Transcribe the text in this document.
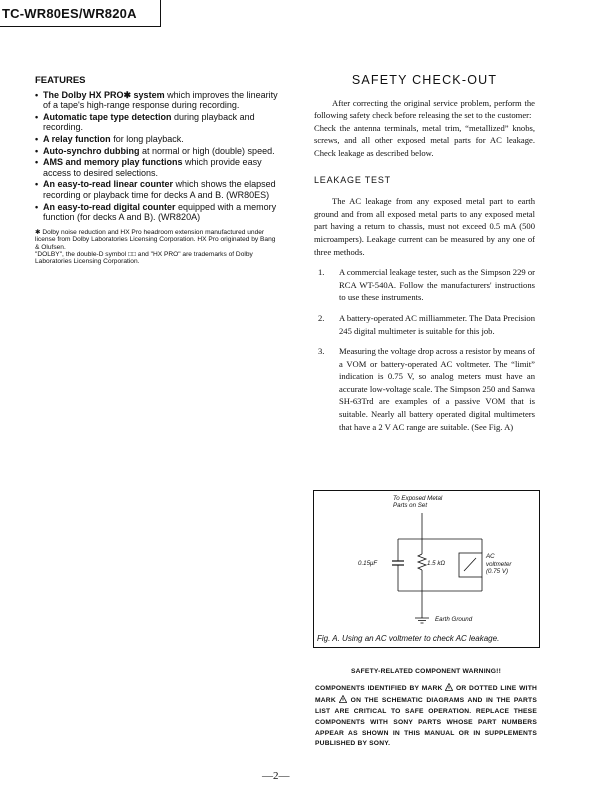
TC-WR80ES/WR820A
FEATURES
• The Dolby HX PRO✱ system which improves the linearity of a tape's high-range response during recording.
• Automatic tape type detection during playback and recording.
• A relay function for long playback.
• Auto-synchro dubbing at normal or high (double) speed.
• AMS and memory play functions which provide easy access to desired selections.
• An easy-to-read linear counter which shows the elapsed recording or playback time for decks A and B. (WR80ES)
• An easy-to-read digital counter equipped with a memory function (for decks A and B). (WR820A)
✱ Dolby noise reduction and HX Pro headroom extension manufactured under license from Dolby Laboratories Licensing Corporation. HX Pro originated by Bang & Olufsen.
"DOLBY", the double-D symbol □□ and "HX PRO" are trademarks of Dolby Laboratories Licensing Corporation.
SAFETY CHECK-OUT

After correcting the original service problem, perform the following safety check before releasing the set to the customer:

Check the antenna terminals, metal trim, “metallized” knobs, screws, and all other exposed metal parts for AC leakage. Check leakage as described below.

LEAKAGE TEST

The AC leakage from any exposed metal part to earth ground and from all exposed metal parts to any exposed metal part having a return to chassis, must not exceed 0.5 mA (500 microampers). Leakage current can be measured by any one of three methods.

1. A commercial leakage tester, such as the Simpson 229 or RCA WT-540A. Follow the manufacturers' instructions to use these instruments.
2. A battery-operated AC milliammeter. The Data Precision 245 digital multimeter is suitable for this job.
3. Measuring the voltage drop across a resistor by means of a VOM or battery-operated AC voltmeter. The “limit” indication is 0.75 V, so analog meters must have an accurate low-voltage scale. The Simpson 250 and Sanwa SH-63Trd are examples of a passive VOM that is suitable. Nearly all battery operated digital multimeters that have a 2 V AC range are suitable. (See Fig. A)
To Exposed Metal
Parts on Set
0.15μF	1.5 kΩ
AC
voltmeter
(0.75 V)
Earth Ground
Fig. A. Using an AC voltmeter to check AC leakage.
SAFETY-RELATED COMPONENT WARNING!!
COMPONENTS IDENTIFIED BY MARK OR DOTTED LINE WITH MARK ON THE SCHEMATIC DIAGRAMS AND IN THE PARTS LIST ARE CRITICAL TO SAFE OPERATION. REPLACE THESE COMPONENTS WITH SONY PARTS WHOSE PART NUMBERS APPEAR AS SHOWN IN THIS MANUAL OR IN SUPPLEMENTS PUBLISHED BY SONY.
—2—
